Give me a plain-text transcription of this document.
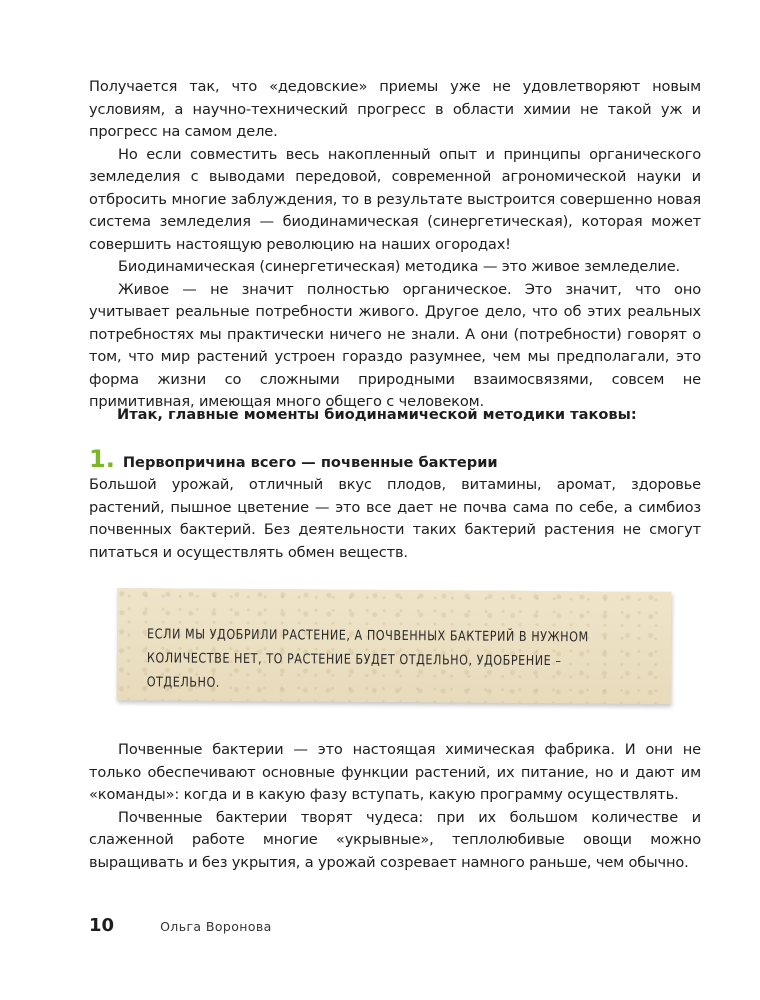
Получается так, что «дедовские» приемы уже не удовлетворяют новым условиям, а научно-технический прогресс в области химии не такой уж и прогресс на самом деле.

Но если совместить весь накопленный опыт и принципы органического земледелия с выводами передовой, современной агрономической науки и отбросить многие заблуждения, то в результате выстроится совершенно новая система земледелия — биодинамическая (синергетическая), которая может совершить настоящую революцию на наших огородах!

Биодинамическая (синергетическая) методика — это живое земледелие.

Живое — не значит полностью органическое. Это значит, что оно учитывает реальные потребности живого. Другое дело, что об этих реальных потребностях мы практически ничего не знали. А они (потребности) говорят о том, что мир растений устроен гораздо разумнее, чем мы предполагали, это форма жизни со сложными природными взаимосвязями, совсем не примитивная, имеющая много общего с человеком.

Итак, главные моменты биодинамической методики таковы:

1. Первопричина всего — почвенные бактерии

Большой урожай, отличный вкус плодов, витамины, аромат, здоровье растений, пышное цветение — это все дает не почва сама по себе, а симбиоз почвенных бактерий. Без деятельности таких бактерий растения не смогут питаться и осуществлять обмен веществ.

ЕСЛИ МЫ УДОБРИЛИ РАСТЕНИЕ, А ПОЧВЕННЫХ БАКТЕРИЙ В НУЖНОМ КОЛИЧЕСТВЕ НЕТ, ТО РАСТЕНИЕ БУДЕТ ОТДЕЛЬНО, УДОБРЕНИЕ – ОТДЕЛЬНО.

Почвенные бактерии — это настоящая химическая фабрика. И они не только обеспечивают основные функции растений, их питание, но и дают им «команды»: когда и в какую фазу вступать, какую программу осуществлять.

Почвенные бактерии творят чудеса: при их большом количестве и слаженной работе многие «укрывные», теплолюбивые овощи можно выращивать и без укрытия, а урожай созревает намного раньше, чем обычно.

10	Ольга Воронова
